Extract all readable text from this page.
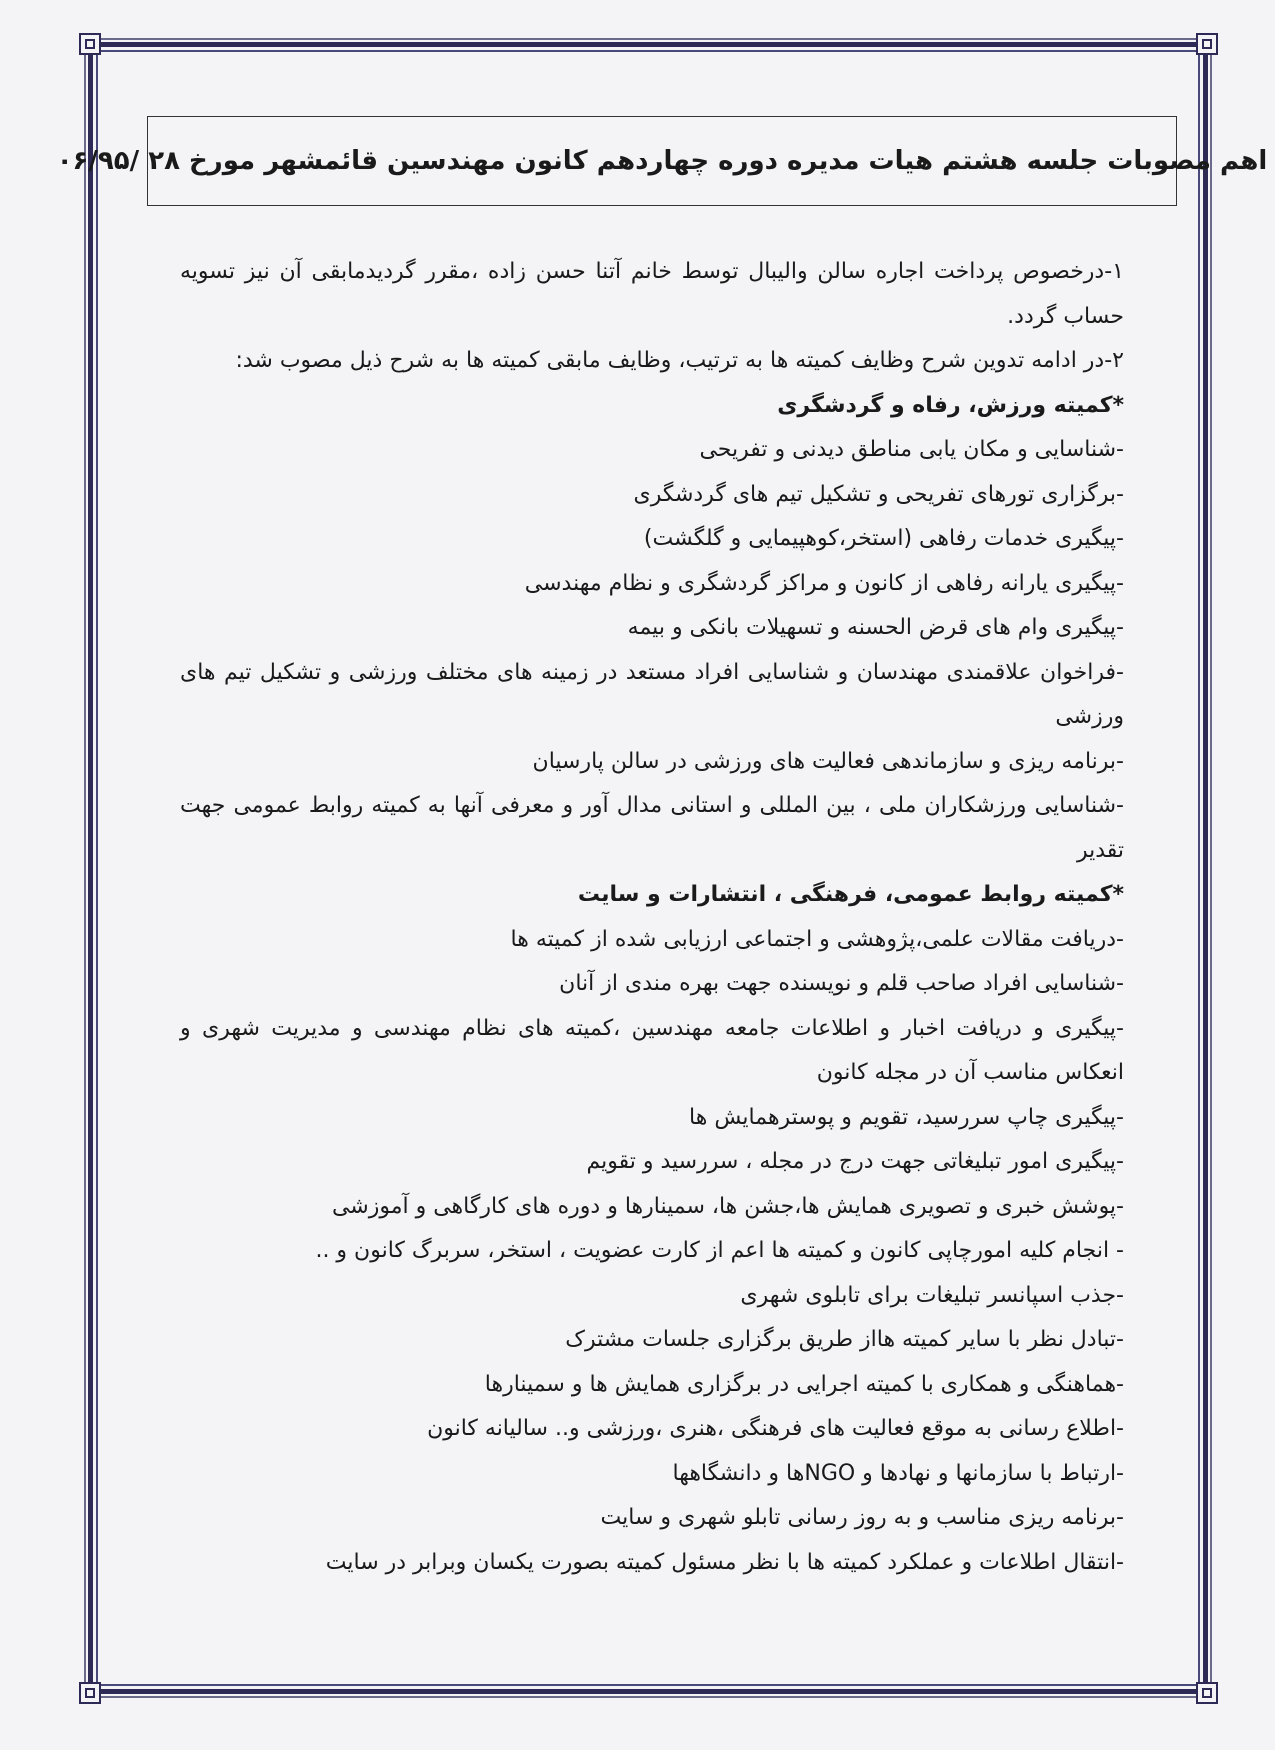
اهم مصوبات جلسه هشتم هیات مدیره دوره چهاردهم کانون مهندسین قائمشهر مورخ ۲۸ /۰۶/۹۵

۱-درخصوص پرداخت اجاره سالن والیبال توسط خانم آتنا حسن زاده ،مقرر گردیدمابقی آن نیز تسویه حساب گردد.

۲-در ادامه تدوین شرح وظایف کمیته ها به ترتیب، وظایف مابقی کمیته ها به شرح ذیل مصوب شد:

*کمیته ورزش، رفاه و گردشگری

-شناسایی و مکان یابی مناطق دیدنی و تفریحی

-برگزاری تورهای تفریحی و تشکیل تیم های گردشگری

-پیگیری خدمات رفاهی (استخر،کوهپیمایی و گلگشت)

-پیگیری یارانه رفاهی از کانون و مراکز گردشگری و نظام مهندسی

-پیگیری وام های قرض الحسنه و تسهیلات بانکی و بیمه

-فراخوان علاقمندی مهندسان و شناسایی افراد مستعد در زمینه های مختلف ورزشی و تشکیل تیم های ورزشی

-برنامه ریزی و سازماندهی فعالیت های ورزشی در سالن پارسیان

-شناسایی ورزشکاران ملی ، بین المللی و استانی مدال آور و معرفی آنها به کمیته روابط عمومی جهت تقدیر

*کمیته روابط عمومی، فرهنگی ، انتشارات و سایت

-دریافت مقالات علمی،پژوهشی و اجتماعی ارزیابی شده از کمیته ها

-شناسایی افراد صاحب قلم و نویسنده جهت بهره مندی از آنان

-پیگیری و دریافت اخبار و اطلاعات جامعه مهندسین ،کمیته های نظام مهندسی و مدیریت شهری و انعکاس مناسب آن در مجله کانون

-پیگیری چاپ سررسید، تقویم و پوسترهمایش ها

-پیگیری امور تبلیغاتی جهت درج در مجله ، سررسید و تقویم

-پوشش خبری و تصویری همایش ها،جشن ها، سمینارها و دوره های کارگاهی و آموزشی

- انجام کلیه امورچاپی کانون و کمیته ها اعم از کارت عضویت ، استخر، سربرگ کانون و ..

-جذب اسپانسر تبلیغات برای تابلوی شهری

-تبادل نظر با سایر کمیته هااز طریق برگزاری جلسات مشترک

-هماهنگی و همکاری با کمیته اجرایی در برگزاری همایش ها و سمینارها

-اطلاع رسانی به موقع فعالیت های فرهنگی ،هنری ،ورزشی و.. سالیانه کانون

-ارتباط با سازمانها و نهادها و NGOها و دانشگاهها

-برنامه ریزی مناسب و به روز رسانی تابلو شهری و سایت

-انتقال اطلاعات و عملکرد کمیته ها با نظر مسئول کمیته بصورت یکسان وبرابر در سایت
